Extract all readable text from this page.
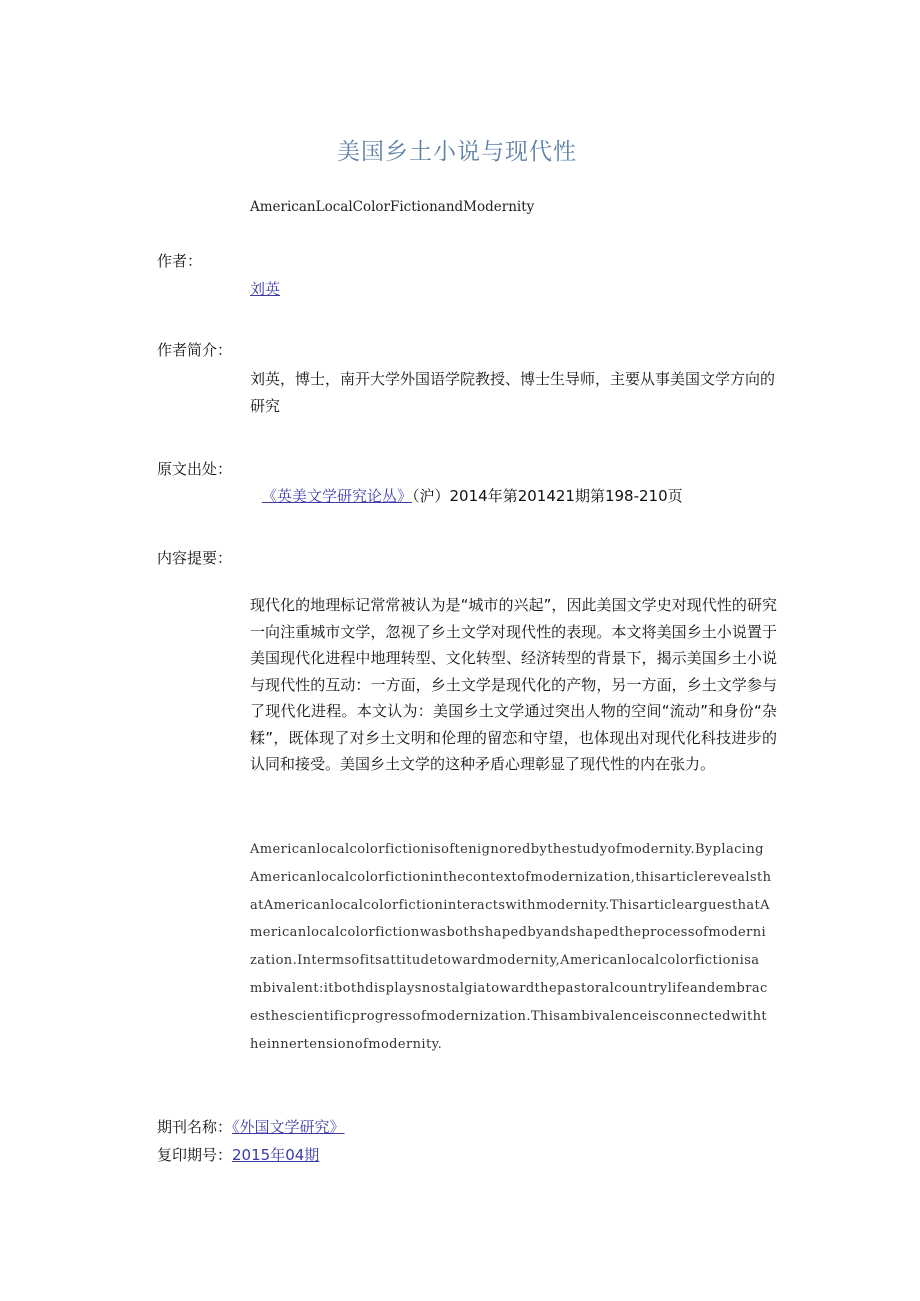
美国乡土小说与现代性
AmericanLocalColorFictionandModernity
作者：
刘英
作者简介：
刘英，博士，南开大学外国语学院教授、博士生导师，主要从事美国文学方向的研究
原文出处：
《英美文学研究论丛》（沪）2014年第201421期第198-210页
内容提要：
现代化的地理标记常常被认为是“城市的兴起”，因此美国文学史对现代性的研究一向注重城市文学，忽视了乡土文学对现代性的表现。本文将美国乡土小说置于美国现代化进程中地理转型、文化转型、经济转型的背景下，揭示美国乡土小说与现代性的互动：一方面，乡土文学是现代化的产物，另一方面，乡土文学参与了现代化进程。本文认为：美国乡土文学通过突出人物的空间“流动”和身份“杂糅”，既体现了对乡土文明和伦理的留恋和守望，也体现出对现代化科技进步的认同和接受。美国乡土文学的这种矛盾心理彰显了现代性的内在张力。
Americanlocalcolorfictionisoftenignoredbythestudyofmodernity.ByplacingAmericanlocalcolorfictioninthecontextofmodernization,thisarticlerevealsthatAmericanlocalcolorfictioninteractswithmodernity.ThisarticlearguesthatAmericanlocalcolorfictionwasbothshapedbyandshapedtheprocessofmodernization.Intermsofitsattitudetowardmodernity,Americanlocalcolorfictionisambivalent:itbothdisplaysnostalgiatowardthepastoralcountrylifeandembracesthescientificprogressofmodernization.Thisambivalenceisconnectedwiththeinnertensionofmodernity.
期刊名称：《外国文学研究》
复印期号：2015年04期
